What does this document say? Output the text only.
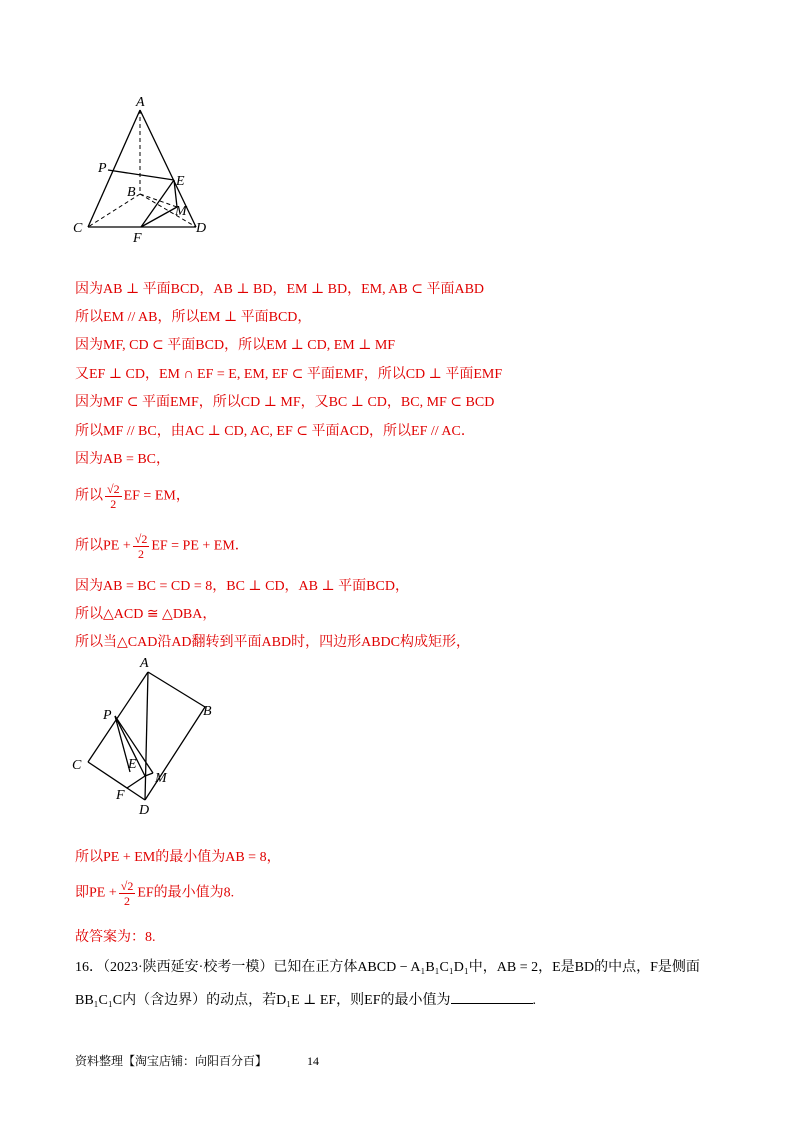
A
P
E
B
M
C
F
D
因为AB ⊥ 平面BCD，AB ⊥ BD，EM ⊥ BD，EM, AB ⊂ 平面ABD
所以EM // AB，所以EM ⊥ 平面BCD，
因为MF, CD ⊂ 平面BCD，所以EM ⊥ CD, EM ⊥ MF
又EF ⊥ CD，EM ∩ EF = E, EM, EF ⊂ 平面EMF，所以CD ⊥ 平面EMF
因为MF ⊂ 平面EMF，所以CD ⊥ MF，又BC ⊥ CD，BC, MF ⊂ BCD
所以MF // BC，由AC ⊥ CD, AC, EF ⊂ 平面ACD，所以EF // AC．
因为AB = BC，
所以 $\frac{√2}{2}$ EF = EM，
所以PE + $\frac{√2}{2}$ EF = PE + EM．
因为AB = BC = CD = 8，BC ⊥ CD，AB ⊥ 平面BCD，
所以△ACD ≅ △DBA，
所以当△CAD沿AD翻转到平面ABD时，四边形ABDC构成矩形，
A
B
P
C	E
M
F
D
所以PE + EM的最小值为AB = 8，
即PE + $\frac{√2}{2}$ EF的最小值为8.
故答案为：8.
16．（2023·陕西延安·校考一模）已知在正方体ABCD − A₁B₁C₁D₁中，AB = 2，E是BD的中点，F是侧面
BB₁C₁C内（含边界）的动点，若D₁E ⊥ EF，则EF的最小值为	.
资料整理【淘宝店铺：向阳百分百】	14
